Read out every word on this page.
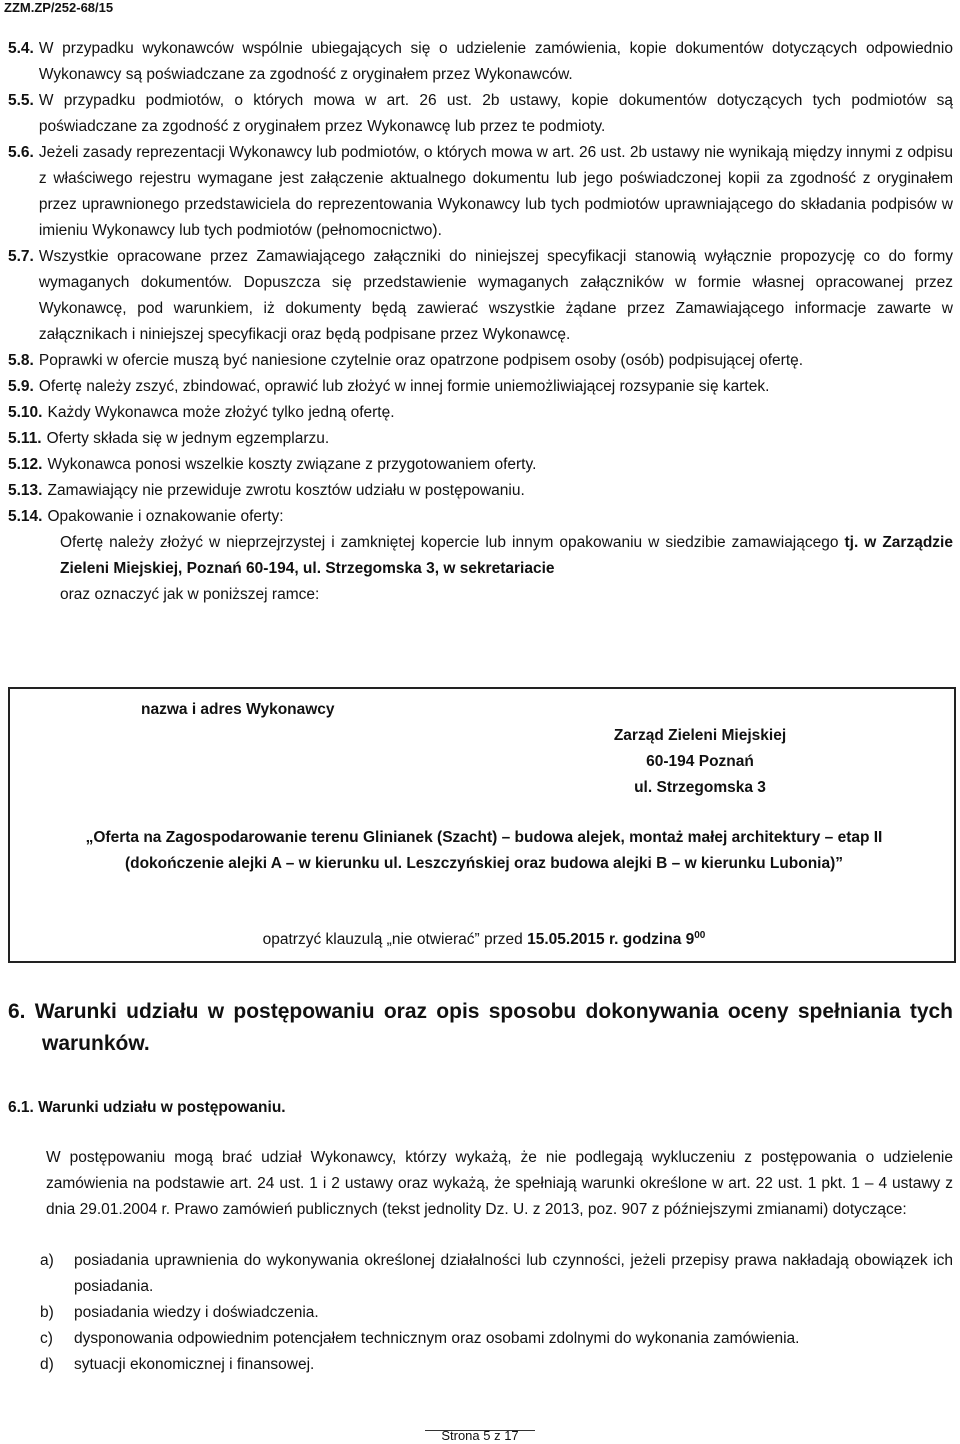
ZZM.ZP/252-68/15
5.4. W przypadku wykonawców wspólnie ubiegających się o udzielenie zamówienia, kopie dokumentów dotyczących odpowiednio Wykonawcy są poświadczane za zgodność z oryginałem przez Wykonawców.
5.5. W przypadku podmiotów, o których mowa w art. 26 ust. 2b ustawy, kopie dokumentów dotyczących tych podmiotów są poświadczane za zgodność z oryginałem przez Wykonawcę lub przez te podmioty.
5.6. Jeżeli zasady reprezentacji Wykonawcy lub podmiotów, o których mowa w art. 26 ust. 2b ustawy nie wynikają między innymi z odpisu z właściwego rejestru wymagane jest załączenie aktualnego dokumentu lub jego poświadczonej kopii za zgodność z oryginałem przez uprawnionego przedstawiciela do reprezentowania Wykonawcy lub tych podmiotów uprawniającego do składania podpisów w imieniu Wykonawcy lub tych podmiotów (pełnomocnictwo).
5.7. Wszystkie opracowane przez Zamawiającego załączniki do niniejszej specyfikacji stanowią wyłącznie propozycję co do formy wymaganych dokumentów. Dopuszcza się przedstawienie wymaganych załączników w formie własnej opracowanej przez Wykonawcę, pod warunkiem, iż dokumenty będą zawierać wszystkie żądane przez Zamawiającego informacje zawarte w załącznikach i niniejszej specyfikacji oraz będą podpisane przez Wykonawcę.
5.8. Poprawki w ofercie muszą być naniesione czytelnie oraz opatrzone podpisem osoby (osób) podpisującej ofertę.
5.9. Ofertę należy zszyć, zbindować, oprawić lub złożyć w innej formie uniemożliwiającej rozsypanie się kartek.
5.10. Każdy Wykonawca może złożyć tylko jedną ofertę.
5.11. Oferty składa się w jednym egzemplarzu.
5.12. Wykonawca ponosi wszelkie koszty związane z przygotowaniem oferty.
5.13. Zamawiający nie przewiduje zwrotu kosztów udziału w postępowaniu.
5.14. Opakowanie i oznakowanie oferty:
Ofertę należy złożyć w nieprzejrzystej i zamkniętej kopercie lub innym opakowaniu w siedzibie zamawiającego tj. w Zarządzie Zieleni Miejskiej, Poznań 60-194, ul. Strzegomska 3, w sekretariacie
oraz oznaczyć jak w poniższej ramce:
nazwa i adres Wykonawcy
Zarząd Zieleni Miejskiej
60-194 Poznań
ul. Strzegomska 3
„Oferta na Zagospodarowanie terenu Glinianek (Szacht) – budowa alejek, montaż małej architektury – etap II (dokończenie alejki A – w kierunku ul. Leszczyńskiej oraz budowa alejki B – w kierunku Lubonia)”
opatrzyć klauzulą „nie otwierać” przed 15.05.2015 r. godzina $9^{00}$
6. Warunki udziału w postępowaniu oraz opis sposobu dokonywania oceny spełniania tych warunków.
6.1. Warunki udziału w postępowaniu.
W postępowaniu mogą brać udział Wykonawcy, którzy wykażą, że nie podlegają wykluczeniu z postępowania o udzielenie zamówienia na podstawie art. 24 ust. 1 i 2 ustawy oraz wykażą, że spełniają warunki określone w art. 22 ust. 1 pkt. 1 – 4 ustawy z dnia 29.01.2004 r. Prawo zamówień publicznych (tekst jednolity Dz. U. z 2013, poz. 907 z późniejszymi zmianami) dotyczące:
a)	posiadania uprawnienia do wykonywania określonej działalności lub czynności, jeżeli przepisy prawa nakładają obowiązek ich posiadania.
b)	posiadania wiedzy i doświadczenia.
c)	dysponowania odpowiednim potencjałem technicznym oraz osobami zdolnymi do wykonania zamówienia.
d)	sytuacji ekonomicznej i finansowej.
Strona 5 z 17
